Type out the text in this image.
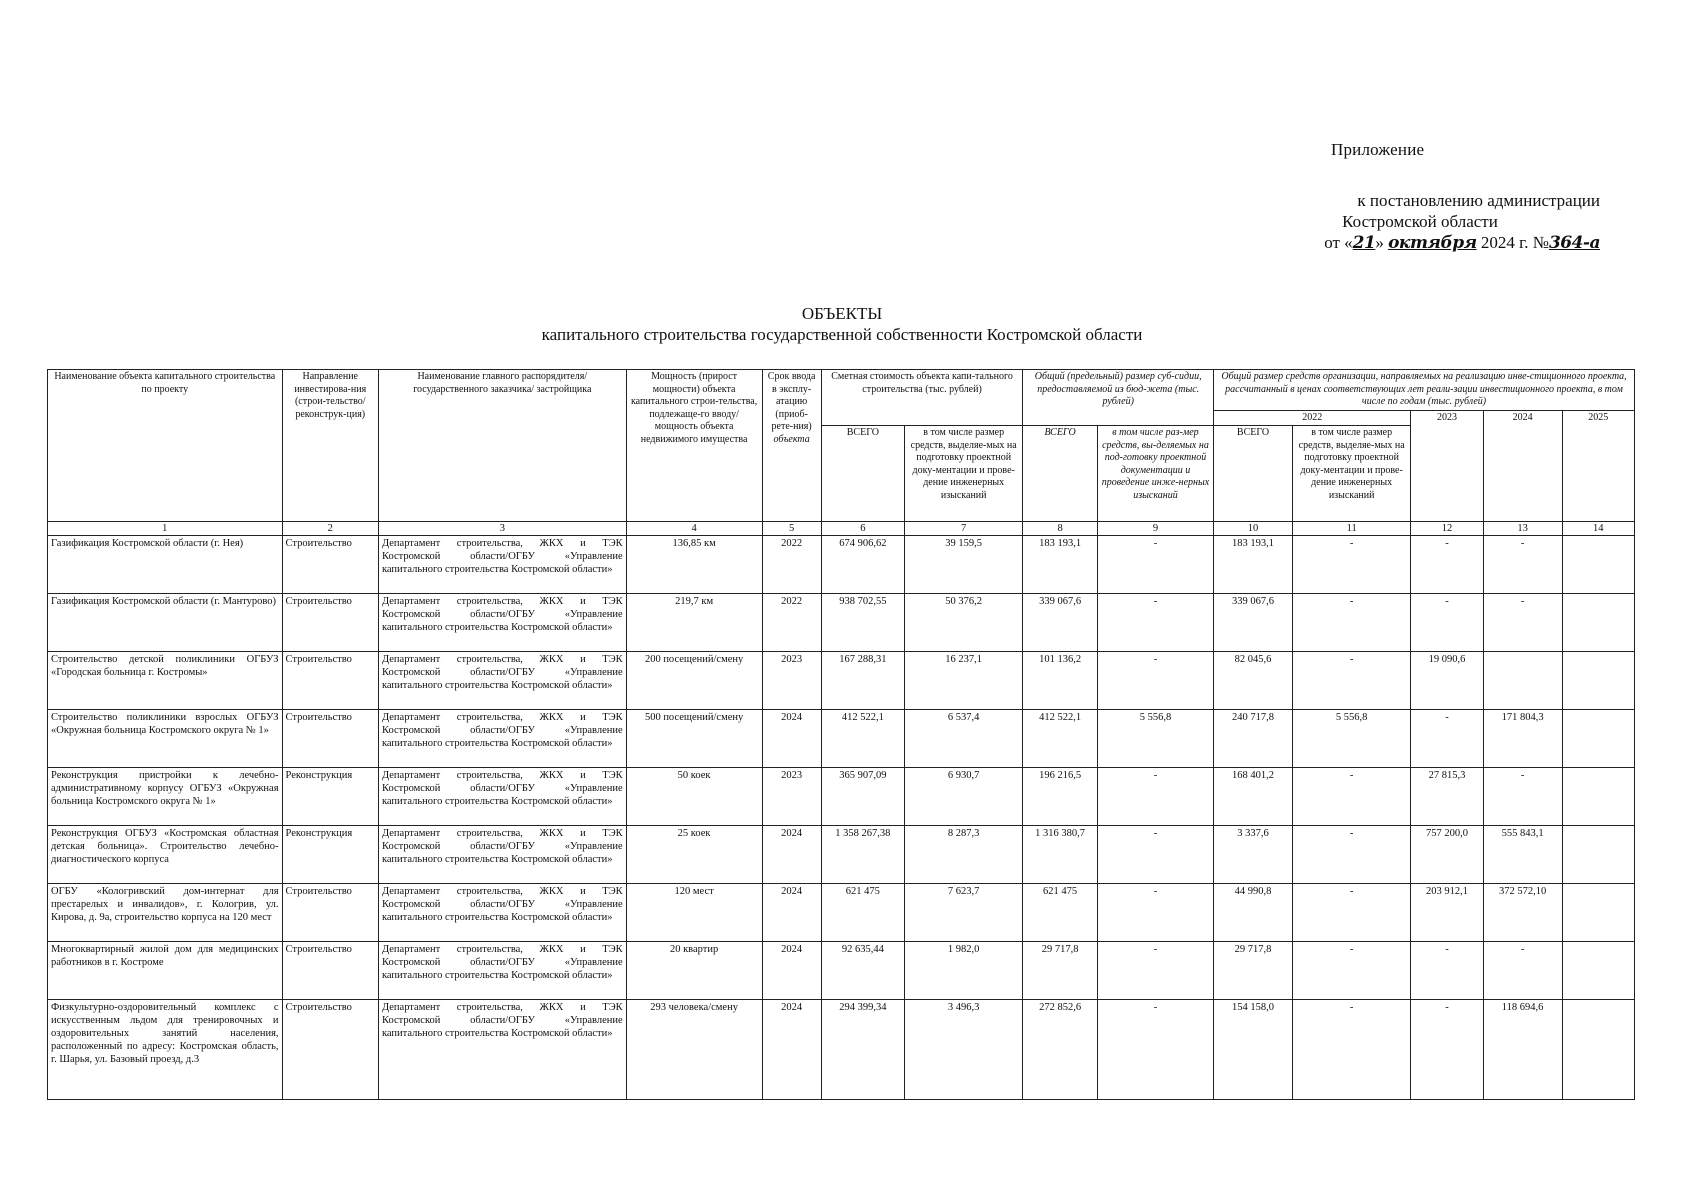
Приложение
к постановлению администрации
Костромской области
от «21» октября 2024 г. №364-а
ОБЪЕКТЫ
капитального строительства государственной собственности Костромской области
Наименование объекта капитального строительства по проекту	Направление инвестирова-ния (строи-тельство/ реконструк-ция)	Наименование главного распорядителя/ государственного заказчика/ застройщика	Мощность (прирост мощности) объекта капитального строи-тельства, подлежаще-го вводу/мощность объекта недвижимого имущества	Срок ввода в эксплу-атацию (приоб-рете-ния) объекта	Сметная стоимость объекта капи-тального строительства (тыс. рублей)		Общий (предельный) размер суб-сидии, предоставляемой из бюд-жета (тыс. рублей)		Общий размер средств организации, направляемых на реализацию инве-стиционного проекта, рассчитанный в ценах соответствующих лет реали-зации инвестиционного проекта, в том числе по годам (тыс. рублей)				
									2022		2023	2024	2025
					ВСЕГО	в том числе размер средств, выделяе-мых на подготовку проектной доку-ментации и прове-дение инженерных изысканий	ВСЕГО	в том числе раз-мер средств, вы-деляемых на под-готовку проектной документации и проведение инже-нерных изысканий	ВСЕГО	в том числе размер средств, выделяе-мых на подготовку проектной доку-ментации и прове-дение инженерных изысканий			
1	2	3	4	5	6	7	8	9	10	11	12	13	14
Газификация Костромской области (г. Нея)	Строительство	Департамент строительства, ЖКХ и ТЭК Костромской области/ОГБУ «Управление капитального строительства Костромской области»	136,85 км	2022	674 906,62	39 159,5	183 193,1	-	183 193,1	-	-	-	
Газификация Костромской области (г. Мантурово)	Строительство	Департамент строительства, ЖКХ и ТЭК Костромской области/ОГБУ «Управление капитального строительства Костромской области»	219,7 км	2022	938 702,55	50 376,2	339 067,6	-	339 067,6	-	-	-	
Строительство детской поликлиники ОГБУЗ «Городская больница г. Костромы»	Строительство	Департамент строительства, ЖКХ и ТЭК Костромской области/ОГБУ «Управление капитального строительства Костромской области»	200 посещений/смену	2023	167 288,31	16 237,1	101 136,2	-	82 045,6	-	19 090,6		
Строительство поликлиники взрослых ОГБУЗ «Окружная больница Костромского округа № 1»	Строительство	Департамент строительства, ЖКХ и ТЭК Костромской области/ОГБУ «Управление капитального строительства Костромской области»	500 посещений/смену	2024	412 522,1	6 537,4	412 522,1	5 556,8	240 717,8	5 556,8	-	171 804,3	
Реконструкция пристройки к лечебно-административному корпусу ОГБУЗ «Окружная больница Костромского округа № 1»	Реконструкция	Департамент строительства, ЖКХ и ТЭК Костромской области/ОГБУ «Управление капитального строительства Костромской области»	50 коек	2023	365 907,09	6 930,7	196 216,5	-	168 401,2	-	27 815,3	-	
Реконструкция ОГБУЗ «Костромская областная детская больница». Строительство лечебно-диагностического корпуса	Реконструкция	Департамент строительства, ЖКХ и ТЭК Костромской области/ОГБУ «Управление капитального строительства Костромской области»	25 коек	2024	1 358 267,38	8 287,3	1 316 380,7	-	3 337,6	-	757 200,0	555 843,1	
ОГБУ «Кологривский дом-интернат для престарелых и инвалидов», г. Кологрив, ул. Кирова, д. 9а, строительство корпуса на 120 мест	Строительство	Департамент строительства, ЖКХ и ТЭК Костромской области/ОГБУ «Управление капитального строительства Костромской области»	120 мест	2024	621 475	7 623,7	621 475	-	44 990,8	-	203 912,1	372 572,10	
Многоквартирный жилой дом для медицинских работников в г. Костроме	Строительство	Департамент строительства, ЖКХ и ТЭК Костромской области/ОГБУ «Управление капитального строительства Костромской области»	20 квартир	2024	92 635,44	1 982,0	29 717,8	-	29 717,8	-	-	-	
Физкультурно-оздоровительный комплекс с искусственным льдом для тренировочных и оздоровительных занятий населения, расположенный по адресу: Костромская область, г. Шарья, ул. Базовый проезд, д.3	Строительство	Департамент строительства, ЖКХ и ТЭК Костромской области/ОГБУ «Управление капитального строительства Костромской области»	293 человека/смену	2024	294 399,34	3 496,3	272 852,6	-	154 158,0	-	-	118 694,6	
